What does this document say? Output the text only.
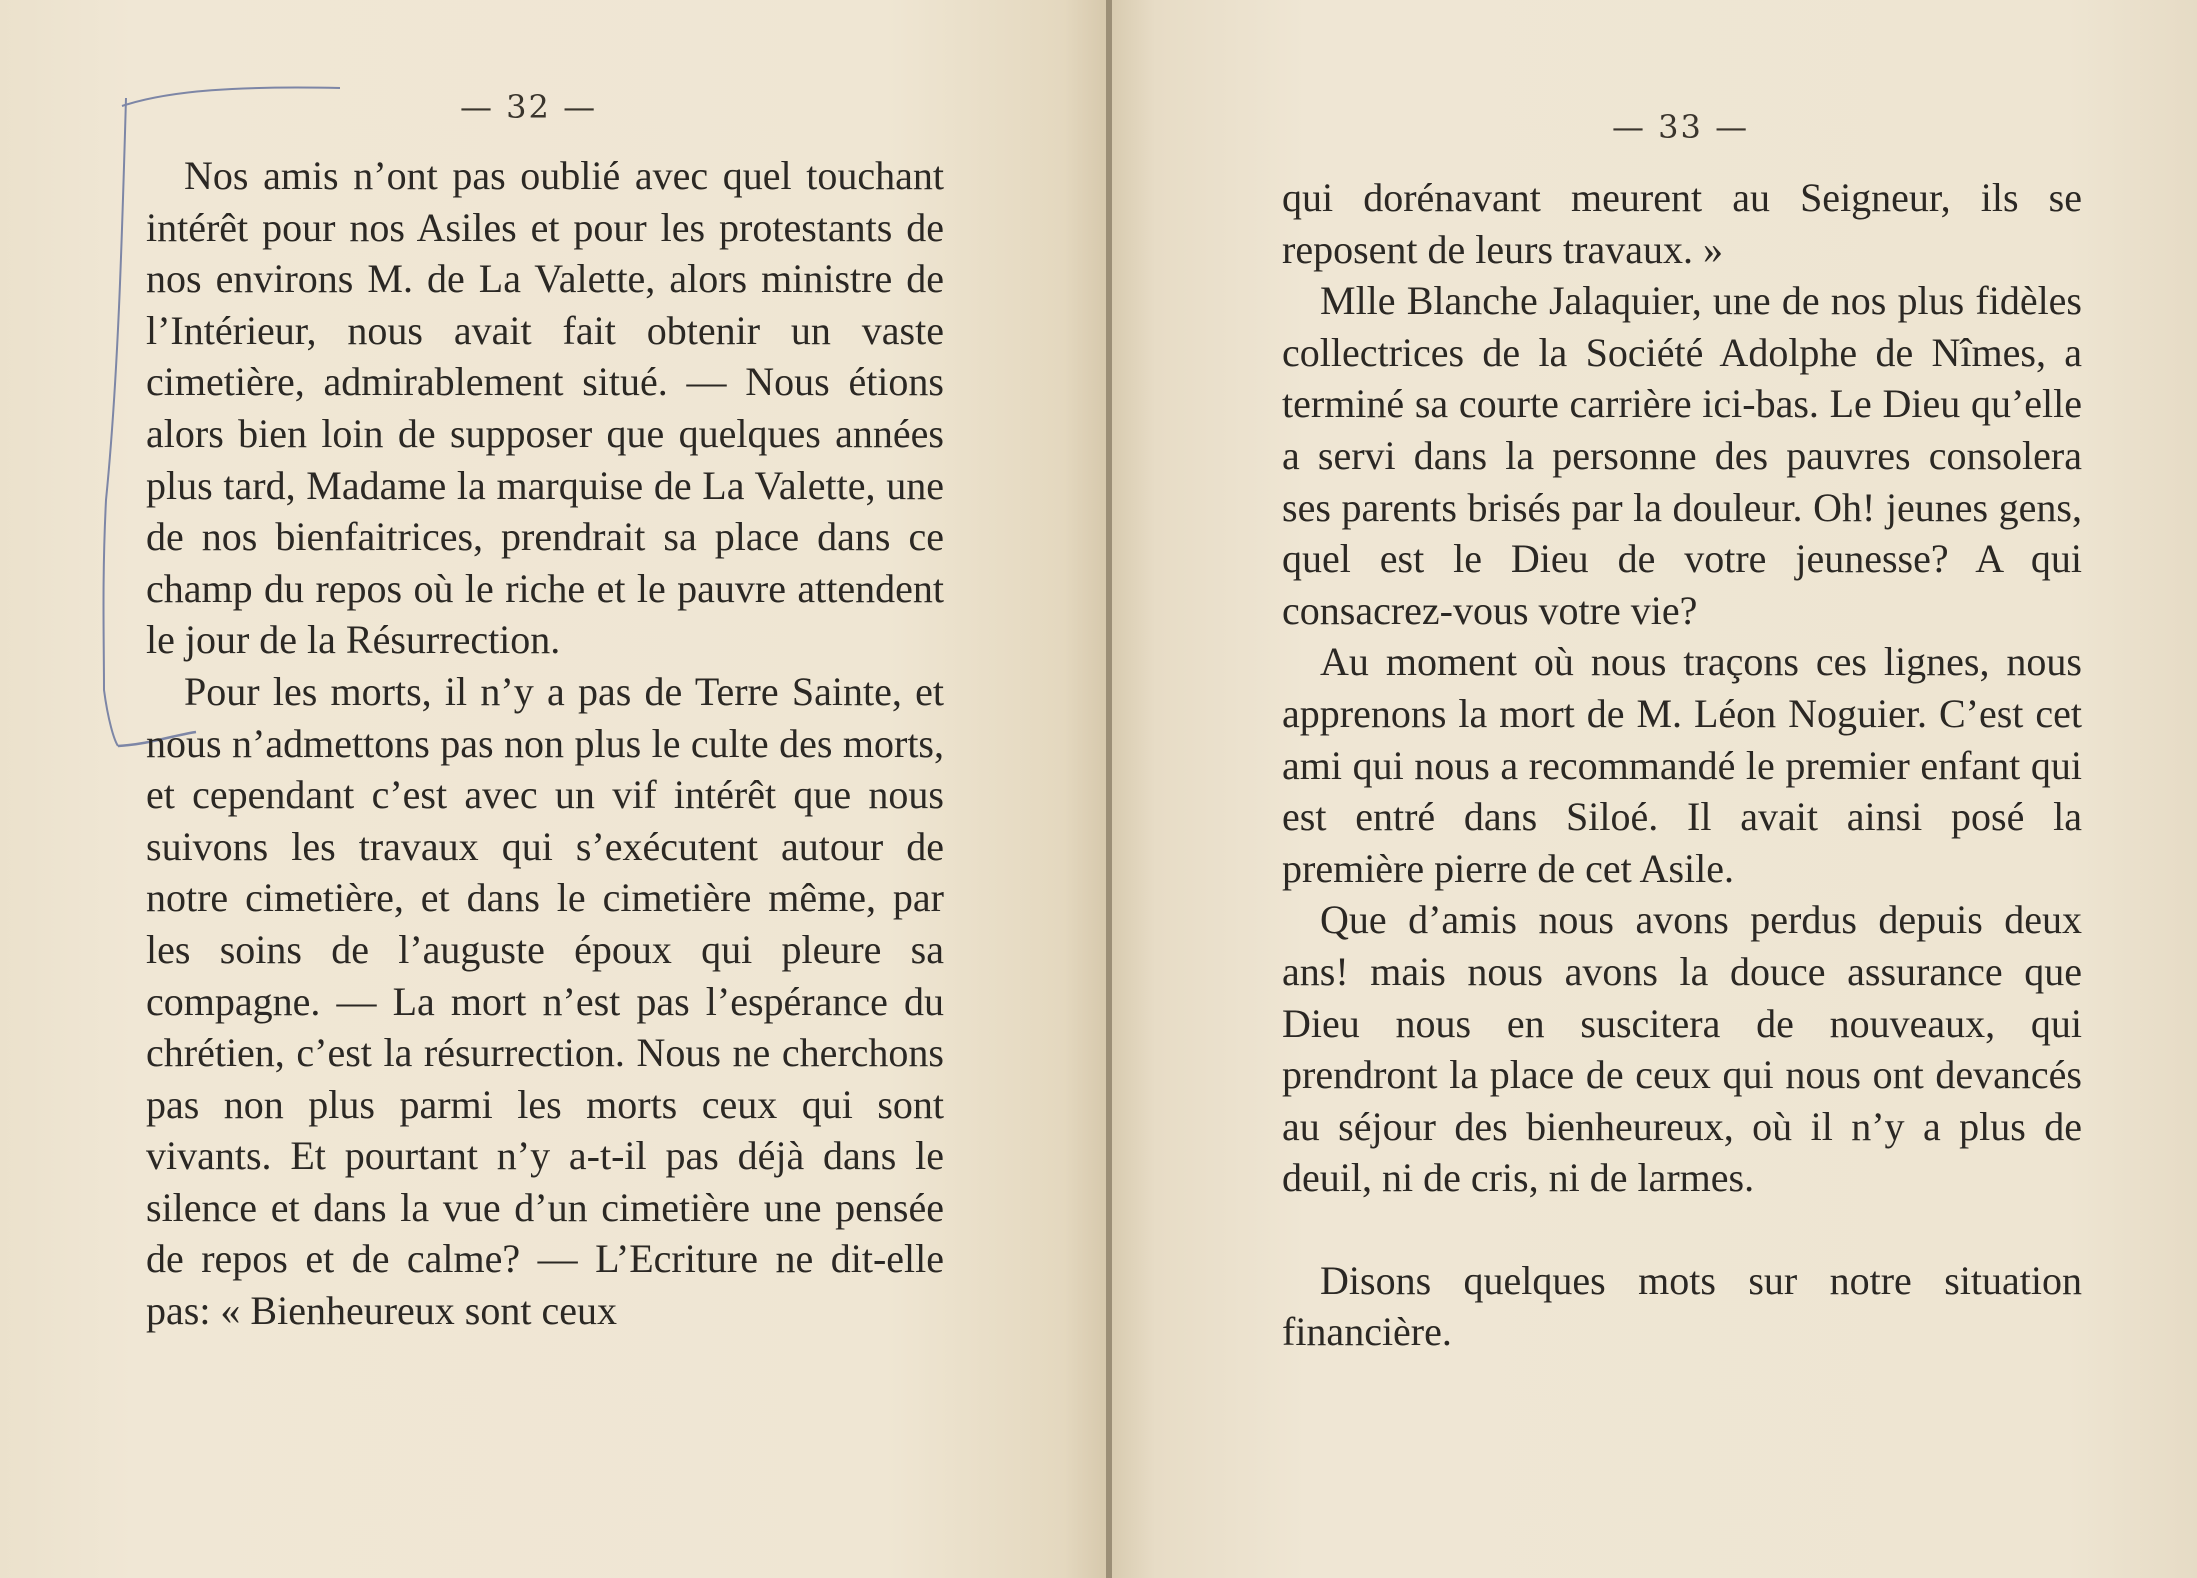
— 32 —

Nos amis n’ont pas oublié avec quel touchant intérêt pour nos Asiles et pour les protestants de nos environs M. de La Valette, alors ministre de l’Intérieur, nous avait fait obtenir un vaste cimetière, admirablement situé. — Nous étions alors bien loin de supposer que quelques années plus tard, Madame la marquise de La Valette, une de nos bienfaitrices, prendrait sa place dans ce champ du repos où le riche et le pauvre attendent le jour de la Résurrection.

Pour les morts, il n’y a pas de Terre Sainte, et nous n’admettons pas non plus le culte des morts, et cependant c’est avec un vif intérêt que nous suivons les travaux qui s’exécutent autour de notre cimetière, et dans le cimetière même, par les soins de l’auguste époux qui pleure sa compagne. — La mort n’est pas l’espérance du chrétien, c’est la résurrection. Nous ne cherchons pas non plus parmi les morts ceux qui sont vivants. Et pourtant n’y a-t-il pas déjà dans le silence et dans la vue d’un cimetière une pensée de repos et de calme? — L’Ecriture ne dit-elle pas: « Bienheureux sont ceux

— 33 —

qui dorénavant meurent au Seigneur, ils se reposent de leurs travaux. »

Mlle Blanche Jalaquier, une de nos plus fidèles collectrices de la Société Adolphe de Nîmes, a terminé sa courte carrière ici-bas. Le Dieu qu’elle a servi dans la personne des pauvres consolera ses parents brisés par la douleur. Oh! jeunes gens, quel est le Dieu de votre jeunesse? A qui consacrez-vous votre vie?

Au moment où nous traçons ces lignes, nous apprenons la mort de M. Léon Noguier. C’est cet ami qui nous a recommandé le premier enfant qui est entré dans Siloé. Il avait ainsi posé la première pierre de cet Asile.

Que d’amis nous avons perdus depuis deux ans! mais nous avons la douce assurance que Dieu nous en suscitera de nouveaux, qui prendront la place de ceux qui nous ont devancés au séjour des bienheureux, où il n’y a plus de deuil, ni de cris, ni de larmes.

Disons quelques mots sur notre situation financière.
